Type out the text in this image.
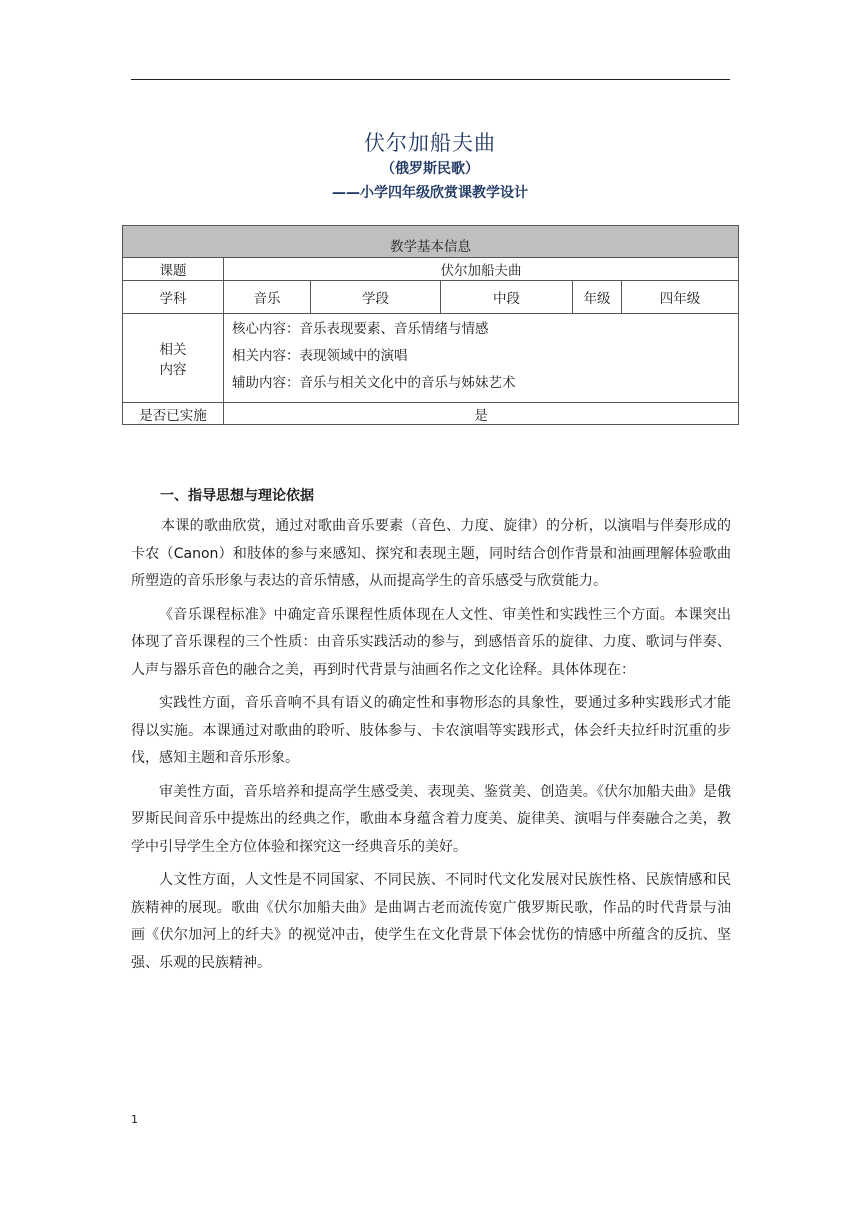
伏尔加船夫曲
（俄罗斯民歌）
——小学四年级欣赏课教学设计
教学基本信息					
课题	伏尔加船夫曲				
学科	音乐	学段	中段	年级	四年级

相关
内容	核心内容：音乐表现要素、音乐情绪与情感
相关内容：表现领域中的演唱
辅助内容：音乐与相关文化中的音乐与姊妹艺术				

是否已实施	是				
一、指导思想与理论依据

本课的歌曲欣赏，通过对歌曲音乐要素（音色、力度、旋律）的分析，以演唱与伴奏形成的卡农（Canon）和肢体的参与来感知、探究和表现主题，同时结合创作背景和油画理解体验歌曲所塑造的音乐形象与表达的音乐情感，从而提高学生的音乐感受与欣赏能力。

《音乐课程标准》中确定音乐课程性质体现在人文性、审美性和实践性三个方面。本课突出体现了音乐课程的三个性质：由音乐实践活动的参与，到感悟音乐的旋律、力度、歌词与伴奏、人声与器乐音色的融合之美，再到时代背景与油画名作之文化诠释。具体体现在：

实践性方面，音乐音响不具有语义的确定性和事物形态的具象性，要通过多种实践形式才能得以实施。本课通过对歌曲的聆听、肢体参与、卡农演唱等实践形式，体会纤夫拉纤时沉重的步伐，感知主题和音乐形象。

审美性方面，音乐培养和提高学生感受美、表现美、鉴赏美、创造美。《伏尔加船夫曲》是俄罗斯民间音乐中提炼出的经典之作，歌曲本身蕴含着力度美、旋律美、演唱与伴奏融合之美，教学中引导学生全方位体验和探究这一经典音乐的美好。

人文性方面，人文性是不同国家、不同民族、不同时代文化发展对民族性格、民族情感和民族精神的展现。歌曲《伏尔加船夫曲》是曲调古老而流传宽广俄罗斯民歌，作品的时代背景与油画《伏尔加河上的纤夫》的视觉冲击，使学生在文化背景下体会忧伤的情感中所蕴含的反抗、坚强、乐观的民族精神。

1
